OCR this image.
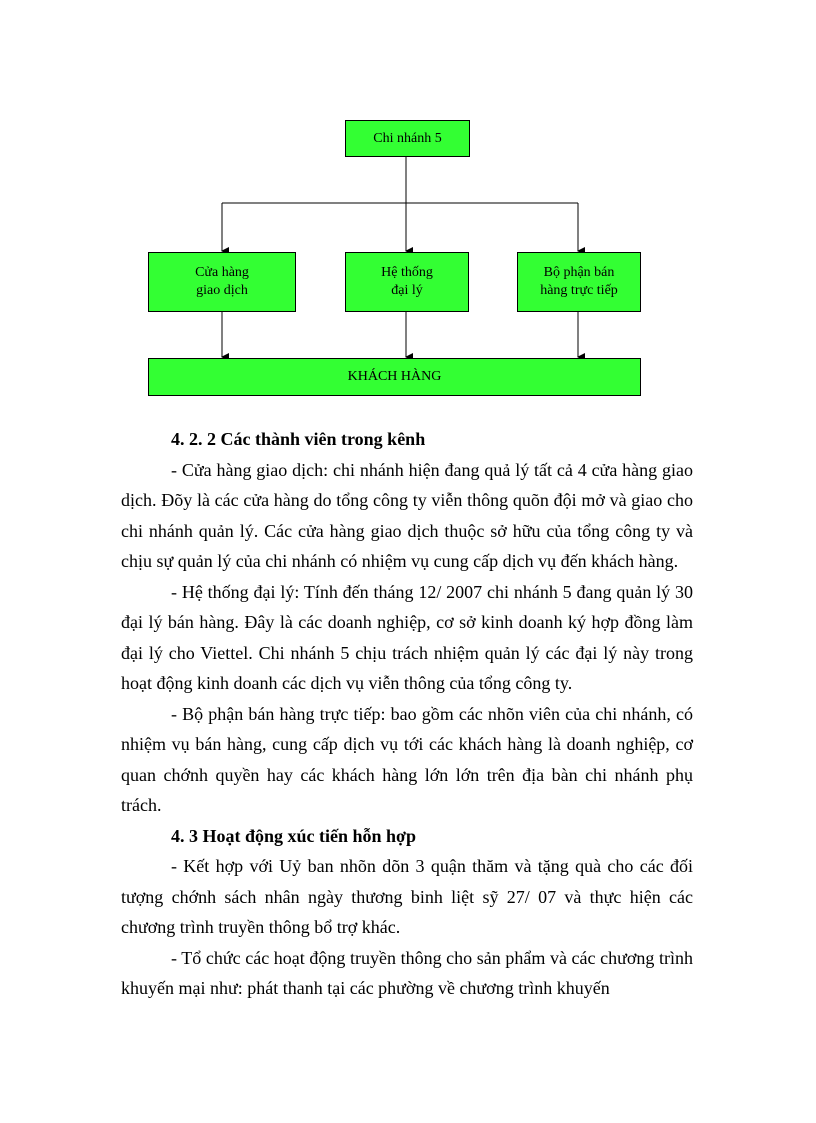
Chi nhánh 5
Cửa hàng
giao dịch
Hệ thống
đại lý
Bộ phận bán
hàng trực tiếp
KHÁCH HÀNG

4. 2. 2 Các thành viên trong kênh

- Cửa hàng giao dịch: chi nhánh hiện đang quả lý tất cả 4 cửa hàng giao dịch. Đõy là các cửa hàng do tổng công ty viễn thông quõn đội mở và giao cho chi nhánh quản lý. Các cửa hàng giao dịch thuộc sở hữu của tổng công ty và chịu sự quản lý của chi nhánh có nhiệm vụ cung cấp dịch vụ đến khách hàng.

- Hệ thống đại lý: Tính đến tháng 12/ 2007 chi nhánh 5 đang quản lý 30 đại lý bán hàng. Đây là các doanh nghiệp, cơ sở kinh doanh ký hợp đồng làm đại lý cho Viettel. Chi nhánh 5 chịu trách nhiệm quản lý các đại lý này trong hoạt động kinh doanh các dịch vụ viễn thông của tổng công ty.

- Bộ phận bán hàng trực tiếp: bao gồm các nhõn viên của chi nhánh, có nhiệm vụ bán hàng, cung cấp dịch vụ tới các khách hàng là doanh nghiệp, cơ quan chớnh quyền hay các khách hàng lớn lớn trên địa bàn chi nhánh phụ trách.

4. 3 Hoạt động xúc tiến hỗn hợp

- Kết hợp với Uỷ ban nhõn dõn 3 quận thăm và tặng quà cho các đối tượng chớnh sách nhân ngày thương binh liệt sỹ 27/ 07 và thực hiện các chương trình truyền thông bổ trợ khác.

- Tổ chức các hoạt động truyền thông cho sản phẩm và các chương trình khuyến mại như: phát thanh tại các phường về chương trình khuyến
